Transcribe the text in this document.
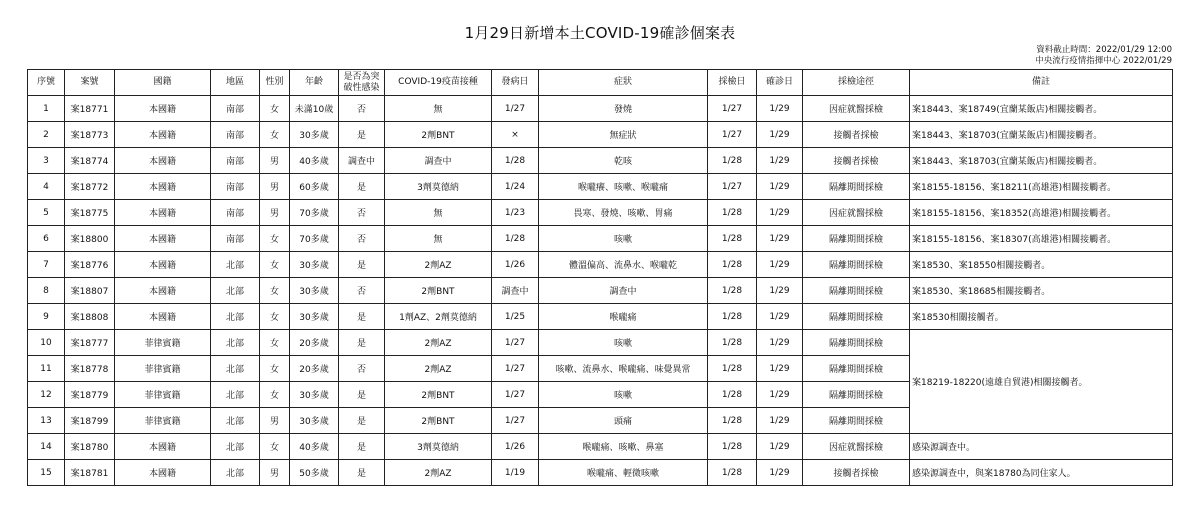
1月29日新增本土COVID-19確診個案表
資料截止時間：2022/01/29 12:00
中央流行疫情指揮中心 2022/01/29
序號	案號	國籍	地區	性別	年齡	是否為突破性感染	COVID-19疫苗接種	發病日	症狀	採檢日	確診日	採檢途徑	備註
1	案18771	本國籍	南部	女	未滿10歲	否	無	1/27	發燒	1/27	1/29	因症就醫採檢	案18443、案18749(宜蘭某飯店)相關接觸者。
2	案18773	本國籍	南部	女	30多歲	是	2劑BNT	×	無症狀	1/27	1/29	接觸者採檢	案18443、案18703(宜蘭某飯店)相關接觸者。
3	案18774	本國籍	南部	男	40多歲	調查中	調查中	1/28	乾咳	1/28	1/29	接觸者採檢	案18443、案18703(宜蘭某飯店)相關接觸者。
4	案18772	本國籍	南部	男	60多歲	是	3劑莫德納	1/24	喉嚨癢、咳嗽、喉嚨痛	1/27	1/29	隔離期間採檢	案18155-18156、案18211(高雄港)相關接觸者。
5	案18775	本國籍	南部	男	70多歲	否	無	1/23	畏寒、發燒、咳嗽、胃痛	1/28	1/29	因症就醫採檢	案18155-18156、案18352(高雄港)相關接觸者。
6	案18800	本國籍	南部	女	70多歲	否	無	1/28	咳嗽	1/28	1/29	隔離期間採檢	案18155-18156、案18307(高雄港)相關接觸者。
7	案18776	本國籍	北部	女	30多歲	是	2劑AZ	1/26	體溫偏高、流鼻水、喉嚨乾	1/28	1/29	隔離期間採檢	案18530、案18550相關接觸者。
8	案18807	本國籍	北部	女	30多歲	否	2劑BNT	調查中	調查中	1/28	1/29	隔離期間採檢	案18530、案18685相關接觸者。
9	案18808	本國籍	北部	女	30多歲	是	1劑AZ、2劑莫德納	1/25	喉嚨痛	1/28	1/29	隔離期間採檢	案18530相關接觸者。
10	案18777	菲律賓籍	北部	女	20多歲	是	2劑AZ	1/27	咳嗽	1/28	1/29	隔離期間採檢	案18219-18220(遠雄自貿港)相關接觸者。
11	案18778	菲律賓籍	北部	女	20多歲	否	2劑AZ	1/27	咳嗽、流鼻水、喉嚨痛、味覺異常	1/28	1/29	隔離期間採檢	
12	案18779	菲律賓籍	北部	女	30多歲	是	2劑BNT	1/27	咳嗽	1/28	1/29	隔離期間採檢	
13	案18799	菲律賓籍	北部	男	30多歲	是	2劑BNT	1/27	頭痛	1/28	1/29	隔離期間採檢	
14	案18780	本國籍	北部	女	40多歲	是	3劑莫德納	1/26	喉嚨痛、咳嗽、鼻塞	1/28	1/29	因症就醫採檢	感染源調查中。
15	案18781	本國籍	北部	男	50多歲	是	2劑AZ	1/19	喉嚨痛、輕微咳嗽	1/28	1/29	接觸者採檢	感染源調查中，與案18780為同住家人。
